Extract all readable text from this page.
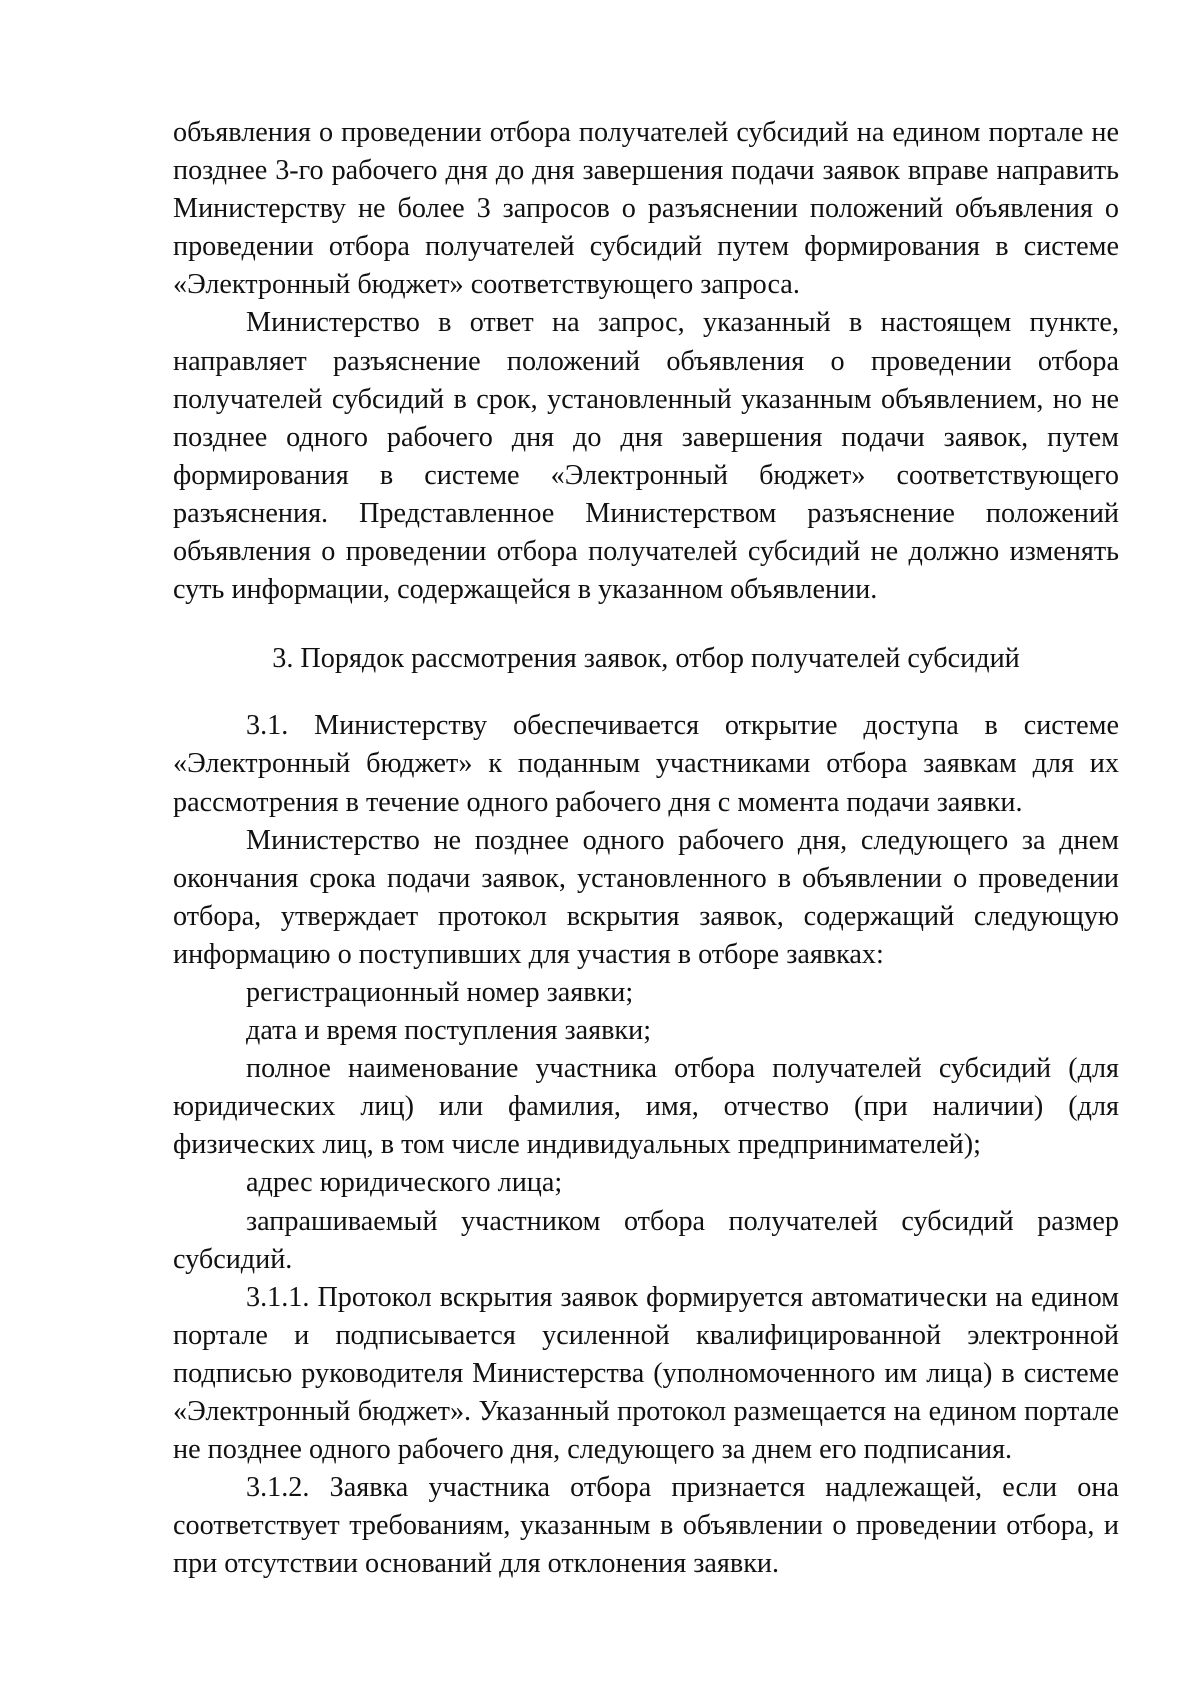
объявления о проведении отбора получателей субсидий на едином портале не позднее 3-го рабочего дня до дня завершения подачи заявок вправе направить Министерству не более 3 запросов о разъяснении положений объявления о проведении отбора получателей субсидий путем формирования в системе «Электронный бюджет» соответствующего запроса.

Министерство в ответ на запрос, указанный в настоящем пункте, направляет разъяснение положений объявления о проведении отбора получателей субсидий в срок, установленный указанным объявлением, но не позднее одного рабочего дня до дня завершения подачи заявок, путем формирования в системе «Электронный бюджет» соответствующего разъяснения. Представленное Министерством разъяснение положений объявления о проведении отбора получателей субсидий не должно изменять суть информации, содержащейся в указанном объявлении.

3. Порядок рассмотрения заявок, отбор получателей субсидий

3.1. Министерству обеспечивается открытие доступа в системе «Электронный бюджет» к поданным участниками отбора заявкам для их рассмотрения в течение одного рабочего дня с момента подачи заявки.

Министерство не позднее одного рабочего дня, следующего за днем окончания срока подачи заявок, установленного в объявлении о проведении отбора, утверждает протокол вскрытия заявок, содержащий следующую информацию о поступивших для участия в отборе заявках:

регистрационный номер заявки;

дата и время поступления заявки;

полное наименование участника отбора получателей субсидий (для юридических лиц) или фамилия, имя, отчество (при наличии) (для физических лиц, в том числе индивидуальных предпринимателей);

адрес юридического лица;

запрашиваемый участником отбора получателей субсидий размер субсидий.

3.1.1. Протокол вскрытия заявок формируется автоматически на едином портале и подписывается усиленной квалифицированной электронной подписью руководителя Министерства (уполномоченного им лица) в системе «Электронный бюджет». Указанный протокол размещается на едином портале не позднее одного рабочего дня, следующего за днем его подписания.

3.1.2. Заявка участника отбора признается надлежащей, если она соответствует требованиям, указанным в объявлении о проведении отбора, и при отсутствии оснований для отклонения заявки.
